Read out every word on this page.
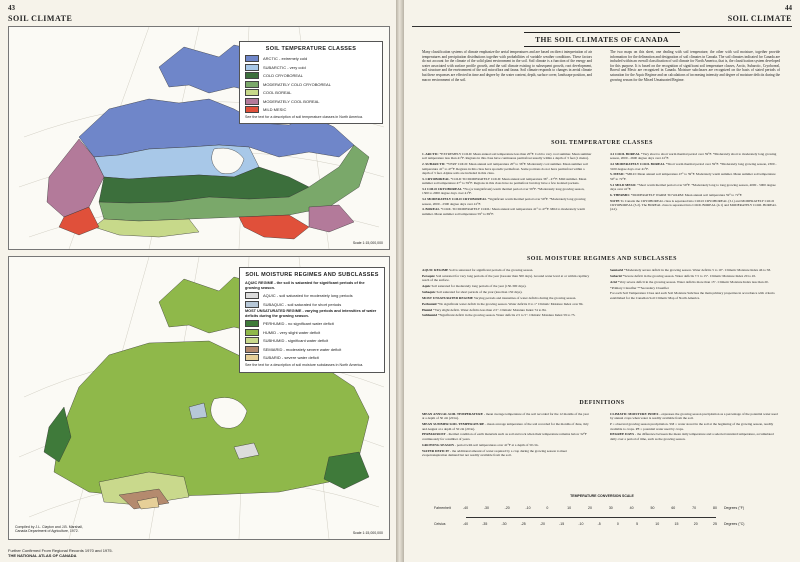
43
SOIL CLIMATE
SOIL TEMPERATURE CLASSES
ARCTIC - extremely cold
SUBARCTIC - very cold
COLD CRYOBOREAL
MODERATELY COLD CRYOBOREAL
COOL BOREAL
MODERATELY COOL BOREAL
MILD MESIC
See the text for a description of soil temperature classes in North America.
Scale 1:15,000,000
SOIL MOISTURE REGIMES AND SUBCLASSES
AQUIC REGIME - the soil is saturated for significant periods of the growing season.
AQUIC - soil saturated for moderately long periods
SUBAQUIC - soil saturated for short periods
MOST UNSATURATED REGIME - varying periods and intensities of water deficits during the growing season.
PERHUMID - no significant water deficit
HUMID - very slight water deficit
SUBHUMID - significant water deficit
SEMIARID - moderately severe water deficit
SUBARID - severe water deficit
See the text for a description of soil moisture subclasses in North America.
Compiled by J.L. Clayton and J.B. Marshall,
Canada Department of Agriculture, 1972.
Scale 1:15,000,000
Further Confirmed From Regional Records 1970 and 1975.
THE NATIONAL ATLAS OF CANADA
44
SOIL CLIMATE
THE SOIL CLIMATES OF CANADA
Many classification systems of climate emphasize the aerial temperatures and are based on direct interpretation of air temperatures and precipitation distributions together with probabilities of variable weather conditions. These factors do not account for the climate of the solid plant environment in the soil. Soil climate is a function of the energy and water associated with surface profile growth, and the soil climate existing to subsequent growth, root development, soil structure and the environment of the soil microflora and fauna. Soil climate responds to changes in aerial climate but these responses are effected in time and degree by the water content, depth, surface cover, landscape position, and macro environment of the soil.
The two maps on this sheet, one dealing with soil temperature, the other with soil moisture, together provide information for the delineation and designation of soil climates in Canada. The soil climates indicated for Canada are included within an overall classification of soil climate for North America, that is, the classification system developed for this purpose. It is based on the recognition of significant soil temperature classes, Arctic, Subarctic, Cryoboreal, Boreal and Mesic are recognized in Canada. Moisture subclasses are recognized on the basis of stated periods of saturation for the Aquic Regime and on calculations of increasing intensity and degree of moisture deficits during the growing season for the Mixed Unsaturated Regime.
SOIL TEMPERATURE CLASSES

1. ARCTIC *EXTREMELY COLD: Mean annual soil temperature less than 20°F. Cold to very cool summer. Mean summer soil temperature less than 41°F. Regions in this class have continuous permafrost usually within a depth of 3 feet (1 metre).

2. SUBARCTIC *VERY COLD: Mean annual soil temperature 20° to 36°F. Moderately cool summer. Mean summer soil temperature 41° to 47°F. Regions in this class have sporadic permafrost. Some portions do not have permafrost within a depth of 3 feet. Alpine soils are included in this class.

3. CRYOBOREAL *COLD TO MODERATELY COLD: Mean annual soil temperature 36° - 47°F. Mild summer. Mean summer soil temperature 47° to 59°F. Regions in this class have no permafrost but may have a few isolated pockets.

3.1 COLD CRYOBOREAL *No (or insignificant) warm thermal period over 59°F. *Moderately long growing season, 1300 to 2000 degree days over 41°F.

3.2 MODERATELY COLD CRYOBOREAL *Significant warm thermal period over 59°F. *Moderately long growing season, 2000 - 2300 degree days over 41°F.

4. BOREAL *COOL TO MODERATELY COOL: Mean annual soil temperature 41° to 47°F. Mild to moderately warm summer. Mean summer soil temperature 59° to 69°F.

4.1 COOL BOREAL *Very short to short warm thermal period over 59°F. *Moderately short to moderately long growing season, 2000 - 2600 degree days over 41°F.

4.2 MODERATELY COOL BOREAL *Short warm thermal period over 59°F. *Moderately long growing season, 2300 - 3100 degree days over 41°F.

5. MESIC *MILD: Mean annual soil temperature 47° to 59°F. Moderately warm summer. Mean summer soil temperature 59° to 72°F.

5.1 MILD MESIC *Short warm thermal period over 59°F. *Moderately long to long growing season, 4000 - 5000 degree days over 41°F.

6. THERMIC *MODERATELY WARM TO WARM: Mean annual soil temperature 59° to 72°F.

NOTE To Canada the CRYOBOREAL class is separated into COLD CRYOBOREAL (3.1) and MODERATELY COLD CRYOBOREAL (3.2). The BOREAL class is separated into COOL BOREAL (4.1) and MODERATELY COOL BOREAL (4.2).

SOIL MOISTURE REGIMES AND SUBCLASSES

AQUIC REGIME Soil is saturated for significant periods of the growing season.

Peraquic Soil saturated for very long periods of the year (Greater than 300 days). Ground water level at or within capillary reach of the surface.

Aquic Soil saturated for moderately long periods of the year (150-300 days).

Subaquic Soil saturated for short periods of the year (less than 150 days).

MOST UNSATURATED REGIME Varying periods and intensities of water deficits during the growing season.

Perhumid *No significant water deficit in the growing season. Water deficits 0 to 1" Climatic Moisture Index over 84.

Humid *Very slight deficit. Water deficits less than 2.5". Climatic Moisture Index 74 to 84.

Subhumid *Significant deficit in the growing season. Water deficits 2.5 to 5". Climatic Moisture Index 59 to 73.

Semiarid *Moderately severe deficit in the growing season. Water deficits 5 to 10". Climatic Moisture Index 46 to 58.

Subarid *Severe deficit in the growing season. Water deficits 7.5 to 15". Climatic Moisture Index 20 to 45.

Arid *Very severe deficit in the growing season. Water deficits more than 15". Climatic Moisture Index less than 20.

*Primary Classifier **Secondary Classifier

For each Soil Temperature Class and each Soil Moisture Subclass the main primary properties in accordance with criteria established for the Canadian Soil Climatic Map of North America.

DEFINITIONS

MEAN ANNUAL SOIL TEMPERATURE - mean average temperature of the soil recorded for the 12 months of the year at a depth of 50 cm (20 in).

MEAN SUMMER SOIL TEMPERATURE - mean average temperature of the soil recorded for the months of June, July and August at a depth of 50 cm (20 in).

PERMAFROST - thermal condition of earth materials such as soil and rock when their temperature remains below 32°F continuously for a number of years.

GROWING SEASON - period with soil temperatures over 41°F at a depth of 50 cm.

WATER DEFICIT - the additional amount of water required by a crop during the growing season to meet evapotranspiration demand but not readily available from the soil.

CLIMATIC MOISTURE INDEX - expresses the growing season precipitation as a percentage of the potential water used by annual crops when water is readily available from the soil.

P = observed growing season precipitation. SM = water stored in the soil at the beginning of the growing season, readily available to crops. PE = potential water used by crops.

DEGREE DAYS - the difference between the mean daily temperature and a selected standard temperature, accumulated daily over a period of time, such as the growing season.

TEMPERATURE CONVERSION SCALE
Fahrenheit
Celsius
-40	-30	-20	-10	0	10	20	30	40	50	60	70	80
-40	-35	-30	-25	-20	-15	-10	-5	0	5	10	15	20	25
Degrees (°F)
Degrees (°C)
